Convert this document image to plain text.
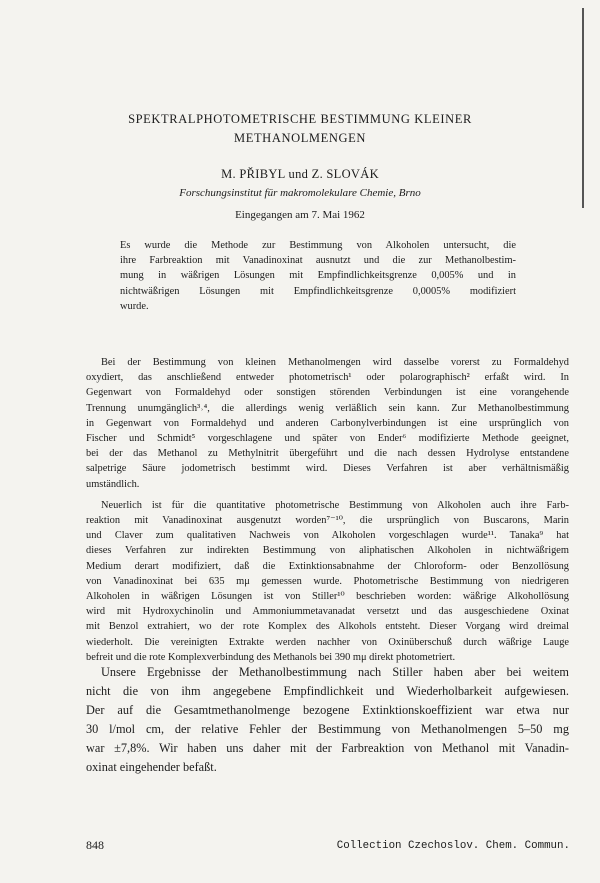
SPEKTRALPHOTOMETRISCHE BESTIMMUNG KLEINER
METHANOLMENGEN
M. PŘIBYL und Z. SLOVÁK
Forschungsinstitut für makromolekulare Chemie, Brno
Eingegangen am 7. Mai 1962
Es wurde die Methode zur Bestimmung von Alkoholen untersucht, die
ihre Farbreaktion mit Vanadinoxinat ausnutzt und die zur Methanolbestim-
mung in wäßrigen Lösungen mit Empfindlichkeitsgrenze 0,005% und in
nichtwäßrigen Lösungen mit Empfindlichkeitsgrenze 0,0005% modifiziert
wurde.
Bei der Bestimmung von kleinen Methanolmengen wird dasselbe vorerst zu Formaldehyd
oxydiert, das anschließend entweder photometrisch¹ oder polarographisch² erfaßt wird. In
Gegenwart von Formaldehyd oder sonstigen störenden Verbindungen ist eine vorangehende
Trennung unumgänglich³˒⁴, die allerdings wenig verläßlich sein kann. Zur Methanolbestimmung
in Gegenwart von Formaldehyd und anderen Carbonylverbindungen ist eine ursprünglich von
Fischer und Schmidt⁵ vorgeschlagene und später von Ender⁶ modifizierte Methode geeignet,
bei der das Methanol zu Methylnitrit übergeführt und die nach dessen Hydrolyse entstandene
salpetrige Säure jodometrisch bestimmt wird. Dieses Verfahren ist aber verhältnismäßig
umständlich.
Neuerlich ist für die quantitative photometrische Bestimmung von Alkoholen auch ihre Farb-
reaktion mit Vanadinoxinat ausgenutzt worden⁷⁻¹⁰, die ursprünglich von Buscarons, Marin
und Claver zum qualitativen Nachweis von Alkoholen vorgeschlagen wurde¹¹. Tanaka⁹ hat
dieses Verfahren zur indirekten Bestimmung von aliphatischen Alkoholen in nichtwäßrigem
Medium derart modifiziert, daß die Extinktionsabnahme der Chloroform- oder Benzollösung
von Vanadinoxinat bei 635 mμ gemessen wurde. Photometrische Bestimmung von niedrigeren
Alkoholen in wäßrigen Lösungen ist von Stiller¹⁰ beschrieben worden: wäßrige Alkohollösung
wird mit Hydroxychinolin und Ammoniummetavanadat versetzt und das ausgeschiedene Oxinat
mit Benzol extrahiert, wo der rote Komplex des Alkohols entsteht. Dieser Vorgang wird dreimal
wiederholt. Die vereinigten Extrakte werden nachher von Oxinüberschuß durch wäßrige Lauge
befreit und die rote Komplexverbindung des Methanols bei 390 mμ direkt photometriert.
Unsere Ergebnisse der Methanolbestimmung nach Stiller haben aber bei weitem
nicht die von ihm angegebene Empfindlichkeit und Wiederholbarkeit aufgewiesen.
Der auf die Gesamtmethanolmenge bezogene Extinktionskoeffizient war etwa nur
30 l/mol cm, der relative Fehler der Bestimmung von Methanolmengen 5–50 mg
war ±7,8%. Wir haben uns daher mit der Farbreaktion von Methanol mit Vanadin-
oxinat eingehender befaßt.
848	Collection Czechoslov. Chem. Commun.
